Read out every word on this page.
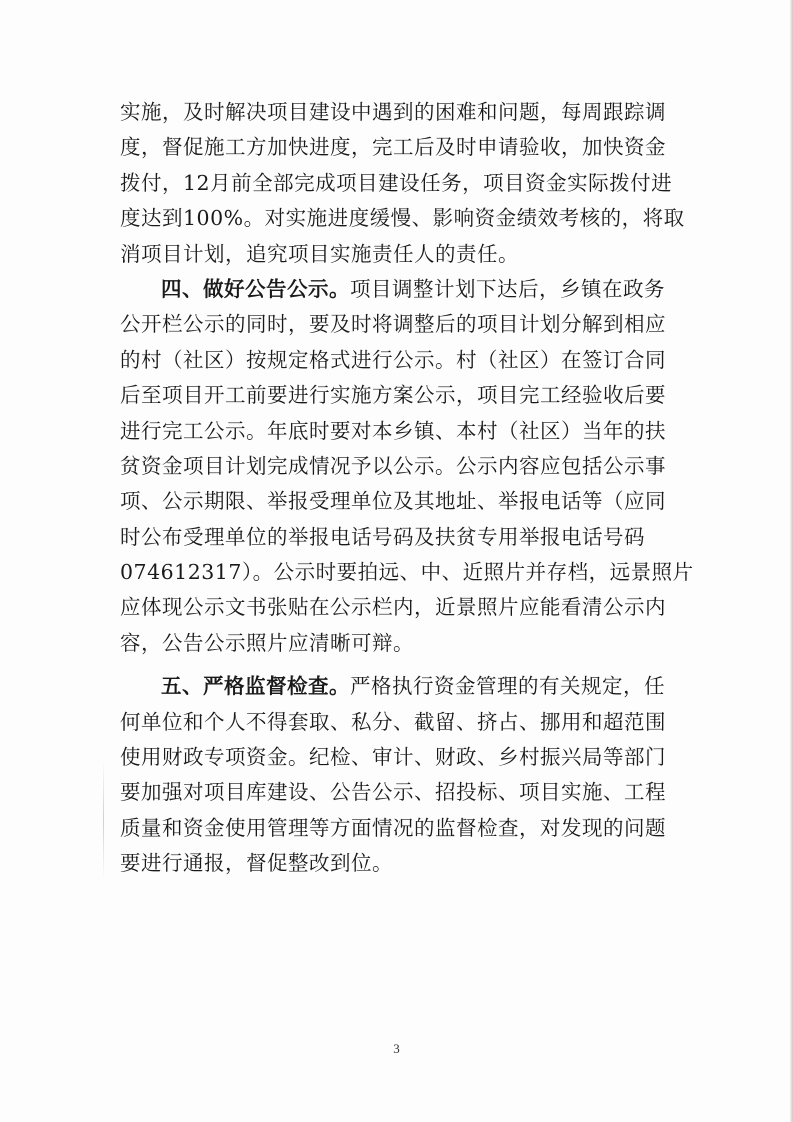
实施，及时解决项目建设中遇到的困难和问题，每周跟踪调
度，督促施工方加快进度，完工后及时申请验收，加快资金
拨付，12月前全部完成项目建设任务，项目资金实际拨付进
度达到100%。对实施进度缓慢、影响资金绩效考核的，将取
消项目计划，追究项目实施责任人的责任。
四、做好公告公示。项目调整计划下达后，乡镇在政务
公开栏公示的同时，要及时将调整后的项目计划分解到相应
的村（社区）按规定格式进行公示。村（社区）在签订合同
后至项目开工前要进行实施方案公示，项目完工经验收后要
进行完工公示。年底时要对本乡镇、本村（社区）当年的扶
贫资金项目计划完成情况予以公示。公示内容应包括公示事
项、公示期限、举报受理单位及其地址、举报电话等（应同
时公布受理单位的举报电话号码及扶贫专用举报电话号码
074612317）。公示时要拍远、中、近照片并存档，远景照片
应体现公示文书张贴在公示栏内，近景照片应能看清公示内
容，公告公示照片应清晰可辩。
五、严格监督检查。严格执行资金管理的有关规定，任
何单位和个人不得套取、私分、截留、挤占、挪用和超范围
使用财政专项资金。纪检、审计、财政、乡村振兴局等部门
要加强对项目库建设、公告公示、招投标、项目实施、工程
质量和资金使用管理等方面情况的监督检查，对发现的问题
要进行通报，督促整改到位。
3
